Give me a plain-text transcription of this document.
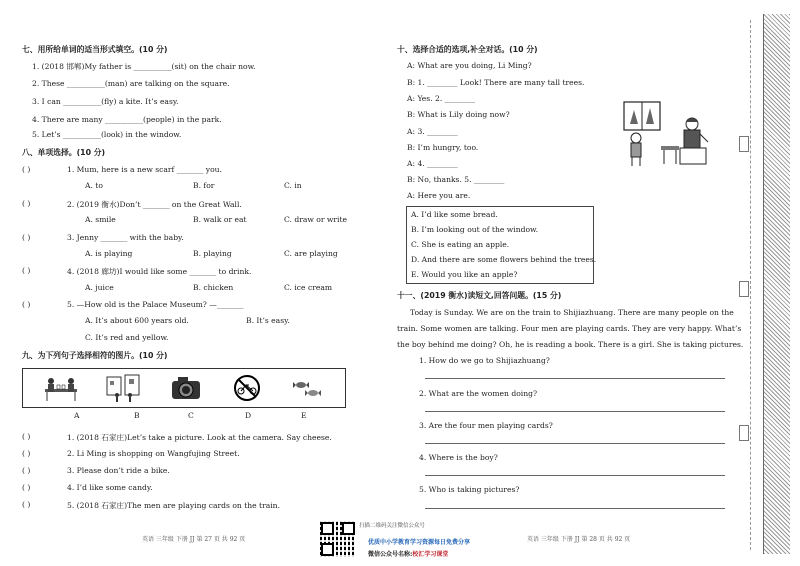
七、用所给单词的适当形式填空。(10 分)
1. (2018 邯郸)My father is __________(sit) on the chair now.
2. These __________(man) are talking on the square.
3. I can __________(fly) a kite. It’s easy.
4. There are many __________(people) in the park.
5. Let’s __________(look) in the window.
八、单项选择。(10 分)
( )	1. Mum, here is a new scarf _______ you.
A. to	B. for	C. in
( )	2. (2019 衡水)Don’t _______ on the Great Wall.
A. smile	B. walk or eat	C. draw or write
( )	3. Jenny _______ with the baby.
A. is playing	B. playing	C. are playing
( )	4. (2018 廊坊)I would like some _______ to drink.
A. juice	B. chicken	C. ice cream
( )	5. —How old is the Palace Museum? —_______
A. It’s about 600 years old.	B. It’s easy.
C. It’s red and yellow.
九、为下列句子选择相符的图片。(10 分)
A	B	C	D	E
( )	1. (2018 石家庄)Let’s take a picture. Look at the camera. Say cheese.
( )	2. Li Ming is shopping on Wangfujing Street.
( )	3. Please don’t ride a bike.
( )	4. I’d like some candy.
( )	5. (2018 石家庄)The men are playing cards on the train.
十、选择合适的选项,补全对话。(10 分)
A: What are you doing, Li Ming?
B: 1. ________ Look! There are many tall trees.
A: Yes. 2. ________
B: What is Lily doing now?
A: 3. ________
B: I’m hungry, too.
A: 4. ________
B: No, thanks. 5. ________
A: Here you are.
A. I’d like some bread.
B. I’m looking out of the window.
C. She is eating an apple.
D. And there are some flowers behind the trees.
E. Would you like an apple?
十一、(2019 衡水)读短文,回答问题。(15 分)
Today is Sunday. We are on the train to Shijiazhuang. There are many people on the
train. Some women are talking. Four men are playing cards. They are very happy. What’s
the boy behind me doing? Oh, he is reading a book. There is a girl. She is taking pictures.
1. How do we go to Shijiazhuang?
2. What are the women doing?
3. Are the four men playing cards?
4. Where is the boy?
5. Who is taking pictures?
英语 三年级 下册 JJ 第 27 页 共 92 页	英语 三年级 下册 JJ 第 28 页 共 92 页
扫描二维码关注微信公众号
优质中小学教育学习资源每日免费分享
微信公众号名称:校汇学习课堂
